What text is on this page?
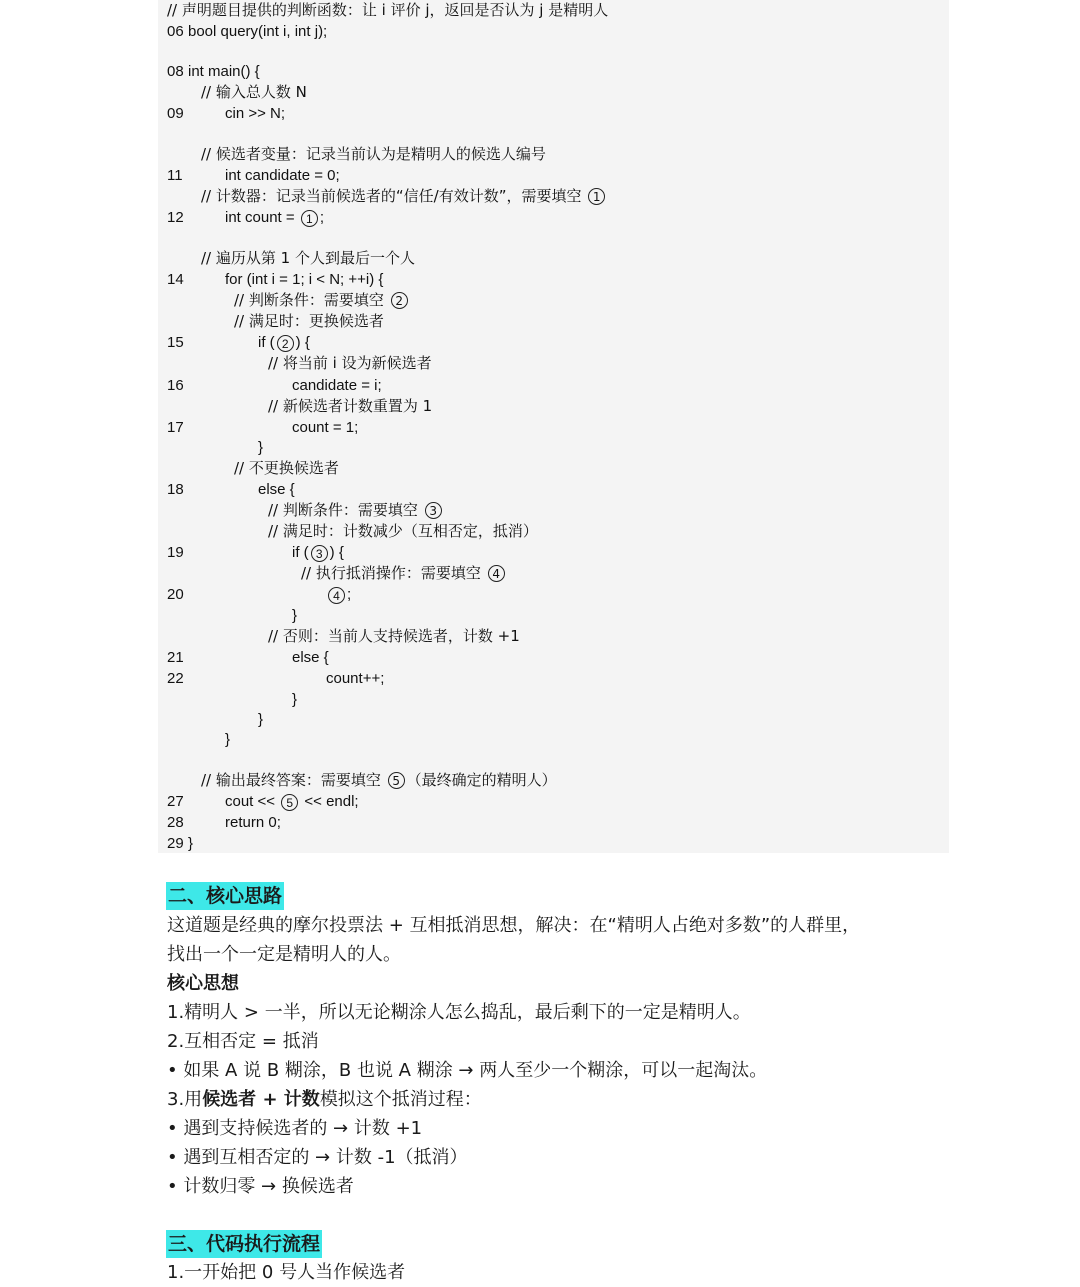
// 声明题目提供的判断函数：让 i 评价 j，返回是否认为 j 是精明人
06 bool query(int i, int j);
08 int main() {
// 输入总人数 N
09	cin >> N;
// 候选者变量：记录当前认为是精明人的候选人编号
11	int candidate = 0;
// 计数器：记录当前候选者的“信任/有效计数”，需要填空 1
12	int count = 1 ;
// 遍历从第 1 个人到最后一个人
14	for (int i = 1; i < N; ++i) {
// 判断条件：需要填空 2
// 满足时：更换候选者
15	if ( 2 ) {
// 将当前 i 设为新候选者
16	candidate = i;
// 新候选者计数重置为 1
17	count = 1;
}
// 不更换候选者
18	else {
// 判断条件：需要填空 3
// 满足时：计数减少（互相否定，抵消）
19	if ( 3 ) {
// 执行抵消操作：需要填空 4
20	4 ;
}
// 否则：当前人支持候选者，计数 +1
21	else {
22	count++;
}
}
}
// 输出最终答案：需要填空 5 （最终确定的精明人）
27	cout << 5 << endl;
28	return 0;
29 }
二、核心思路
这道题是经典的摩尔投票法 + 互相抵消思想，解决：在“精明人占绝对多数”的人群里，
找出一个一定是精明人的人。
核心思想
1.精明人 > 一半，所以无论糊涂人怎么捣乱，最后剩下的一定是精明人。
2.互相否定 = 抵消
• 如果 A 说 B 糊涂，B 也说 A 糊涂 → 两人至少一个糊涂，可以一起淘汰。
3.用候选者 + 计数模拟这个抵消过程：
• 遇到支持候选者的 → 计数 +1
• 遇到互相否定的 → 计数 -1（抵消）
• 计数归零 → 换候选者
三、代码执行流程
1.一开始把 0 号人当作候选者
